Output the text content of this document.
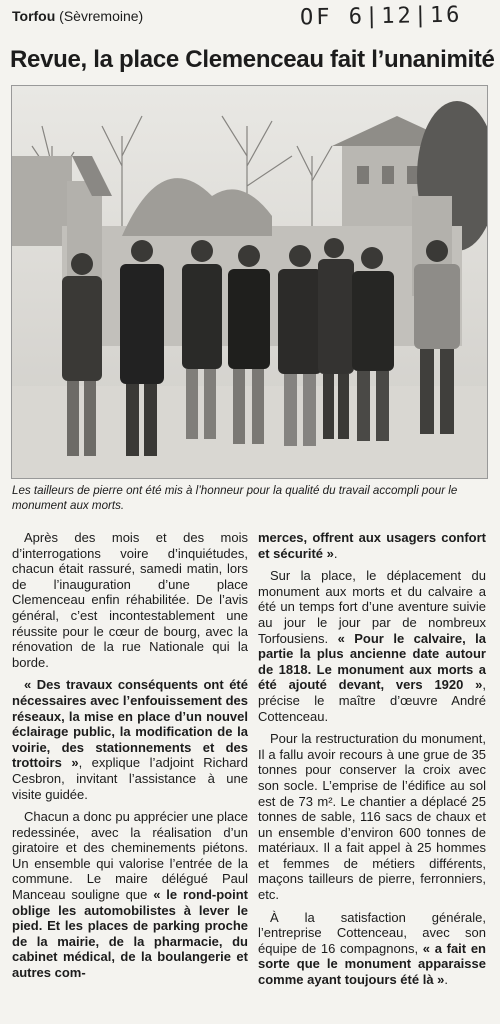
Torfou (Sèvremoine)	OF 6|12|16
Revue, la place Clemenceau fait l’unanimité
Les tailleurs de pierre ont été mis à l’honneur pour la qualité du travail accompli pour le monument aux morts.

Après des mois et des mois d’interrogations voire d’inquiétudes, chacun était rassuré, samedi matin, lors de l’inauguration d’une place Clemenceau enfin réhabilitée. De l’avis général, c’est incontestablement une réussite pour le cœur de bourg, avec la rénovation de la rue Nationale qui la borde.

« Des travaux conséquents ont été nécessaires avec l’enfouissement des réseaux, la mise en place d’un nouvel éclairage public, la modification de la voirie, des stationnements et des trottoirs », explique l’adjoint Richard Cesbron, invitant l’assistance à une visite guidée.

Chacun a donc pu apprécier une place redessinée, avec la réalisation d’un giratoire et des cheminements piétons. Un ensemble qui valorise l’entrée de la commune. Le maire délégué Paul Manceau souligne que « le rond-point oblige les automobilistes à lever le pied. Et les places de parking proche de la mairie, de la pharmacie, du cabinet médical, de la boulangerie et autres com-

merces, offrent aux usagers confort et sécurité ».

Sur la place, le déplacement du monument aux morts et du calvaire a été un temps fort d’une aventure suivie au jour le jour par de nombreux Torfousiens. « Pour le calvaire, la partie la plus ancienne date autour de 1818. Le monument aux morts a été ajouté devant, vers 1920 », précise le maître d’œuvre André Cottenceau.

Pour la restructuration du monument, Il a fallu avoir recours à une grue de 35 tonnes pour conserver la croix avec son socle. L’emprise de l’édifice au sol est de 73 m². Le chantier a déplacé 25 tonnes de sable, 116 sacs de chaux et un ensemble d’environ 600 tonnes de matériaux. Il a fait appel à 25 hommes et femmes de métiers différents, maçons tailleurs de pierre, ferronniers, etc.

À la satisfaction générale, l’entreprise Cottenceau, avec son équipe de 16 compagnons, « a fait en sorte que le monument apparaisse comme ayant toujours été là ».
